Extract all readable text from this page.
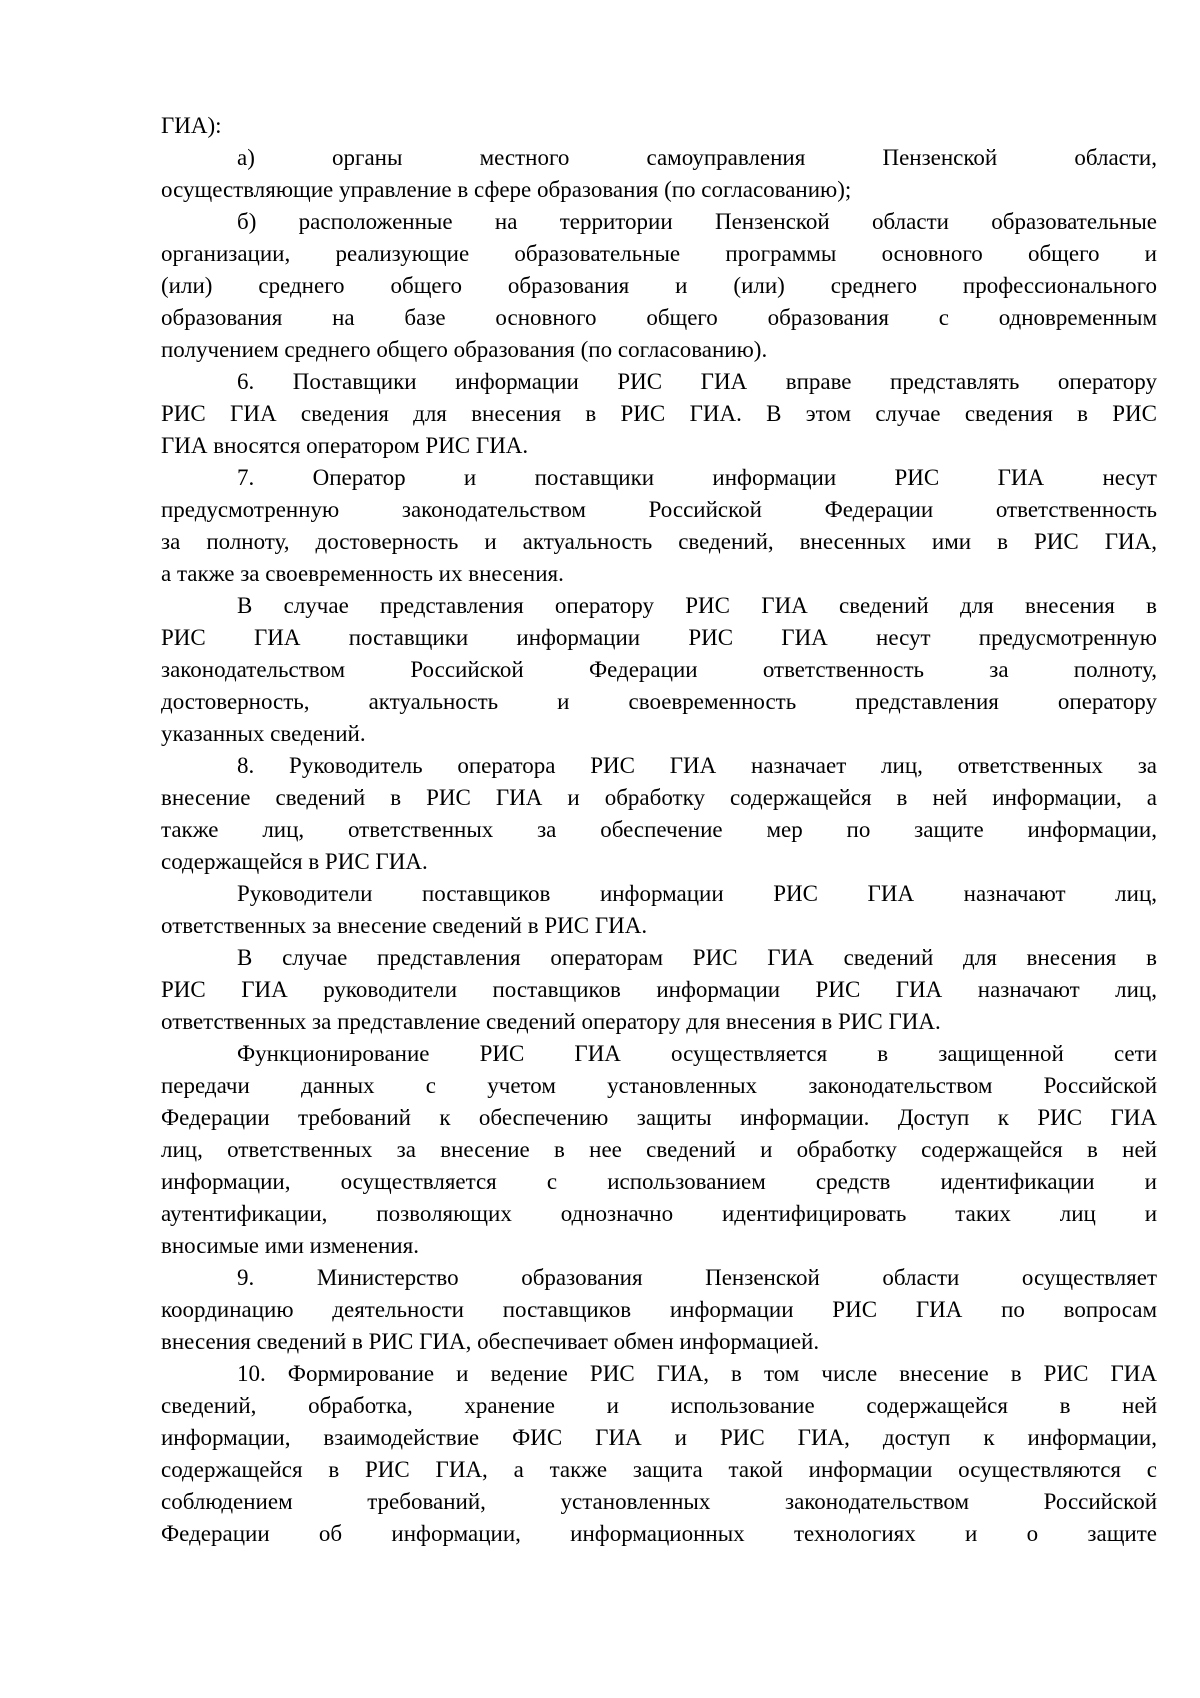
ГИА):
а) органы местного самоуправления Пензенской области,
осуществляющие управление в сфере образования (по согласованию);
б) расположенные на территории Пензенской области образовательные
организации, реализующие образовательные программы основного общего и
(или) среднего общего образования и (или) среднего профессионального
образования на базе основного общего образования с одновременным
получением среднего общего образования (по согласованию).
6. Поставщики информации РИС ГИА вправе представлять оператору
РИС ГИА сведения для внесения в РИС ГИА. В этом случае сведения в РИС
ГИА вносятся оператором РИС ГИА.
7. Оператор и поставщики информации РИС ГИА несут
предусмотренную законодательством Российской Федерации ответственность
за полноту, достоверность и актуальность сведений, внесенных ими в РИС ГИА,
а также за своевременность их внесения.
В случае представления оператору РИС ГИА сведений для внесения в
РИС ГИА поставщики информации РИС ГИА несут предусмотренную
законодательством Российской Федерации ответственность за полноту,
достоверность, актуальность и своевременность представления оператору
указанных сведений.
8. Руководитель оператора РИС ГИА назначает лиц, ответственных за
внесение сведений в РИС ГИА и обработку содержащейся в ней информации, а
также лиц, ответственных за обеспечение мер по защите информации,
содержащейся в РИС ГИА.
Руководители поставщиков информации РИС ГИА назначают лиц,
ответственных за внесение сведений в РИС ГИА.
В случае представления операторам РИС ГИА сведений для внесения в
РИС ГИА руководители поставщиков информации РИС ГИА назначают лиц,
ответственных за представление сведений оператору для внесения в РИС ГИА.
Функционирование РИС ГИА осуществляется в защищенной сети
передачи данных с учетом установленных законодательством Российской
Федерации требований к обеспечению защиты информации. Доступ к РИС ГИА
лиц, ответственных за внесение в нее сведений и обработку содержащейся в ней
информации, осуществляется с использованием средств идентификации и
аутентификации, позволяющих однозначно идентифицировать таких лиц и
вносимые ими изменения.
9. Министерство образования Пензенской области осуществляет
координацию деятельности поставщиков информации РИС ГИА по вопросам
внесения сведений в РИС ГИА, обеспечивает обмен информацией.
10. Формирование и ведение РИС ГИА, в том числе внесение в РИС ГИА
сведений, обработка, хранение и использование содержащейся в ней
информации, взаимодействие ФИС ГИА и РИС ГИА, доступ к информации,
содержащейся в РИС ГИА, а также защита такой информации осуществляются с
соблюдением требований, установленных законодательством Российской
Федерации об информации, информационных технологиях и о защите
